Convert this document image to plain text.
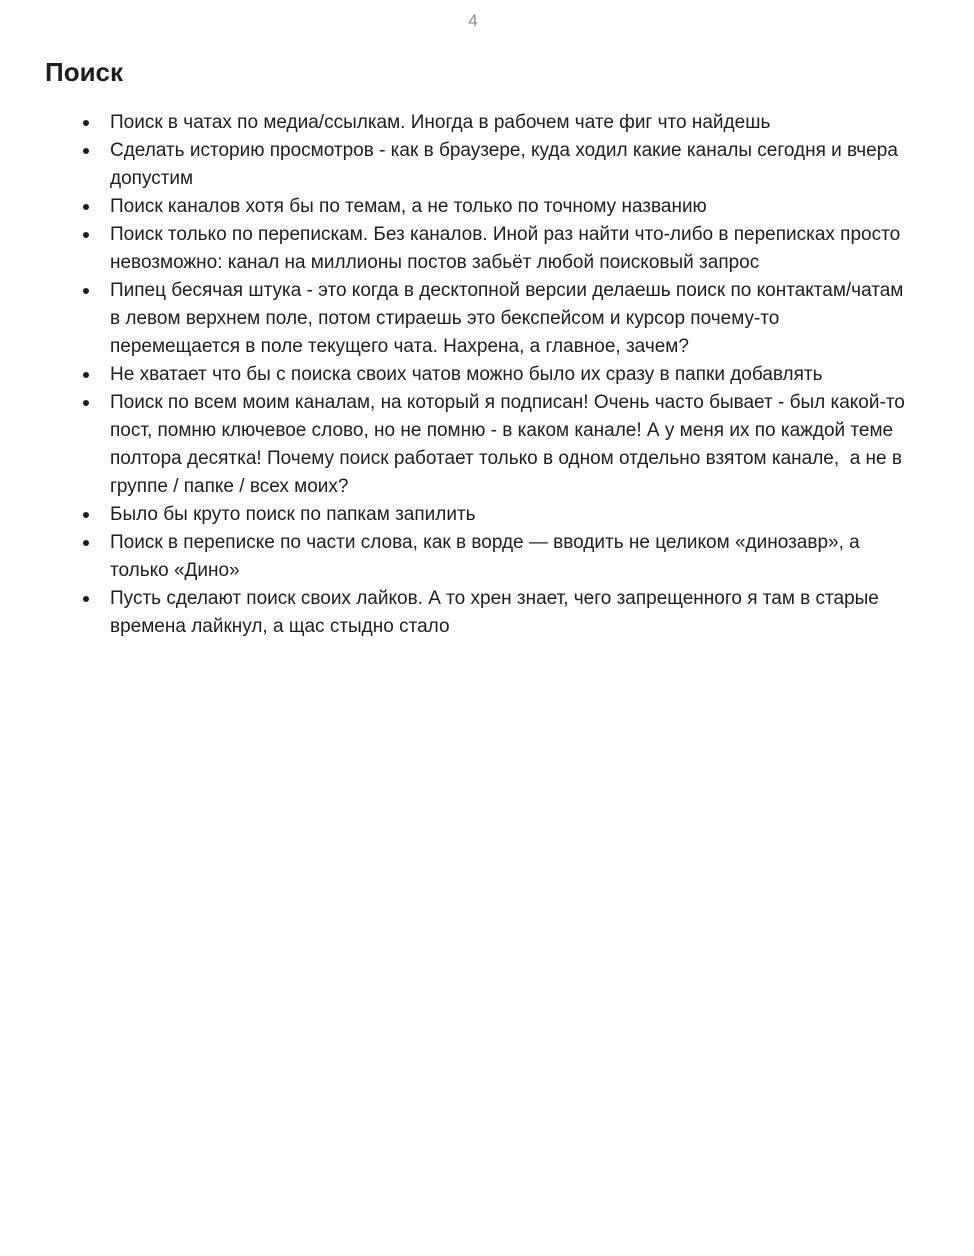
4
Поиск
Поиск в чатах по медиа/ссылкам. Иногда в рабочем чате фиг что найдешь
Сделать историю просмотров - как в браузере, куда ходил какие каналы сегодня и вчера допустим
Поиск каналов хотя бы по темам, а не только по точному названию
Поиск только по перепискам. Без каналов. Иной раз найти что-либо в переписках просто невозможно: канал на миллионы постов забьёт любой поисковый запрос
Пипец бесячая штука - это когда в десктопной версии делаешь поиск по контактам/чатам в левом верхнем поле, потом стираешь это бекспейсом и курсор почему-то перемещается в поле текущего чата. Нахрена, а главное, зачем?
Не хватает что бы с поиска своих чатов можно было их сразу в папки добавлять
Поиск по всем моим каналам, на который я подписан! Очень часто бывает - был какой-то пост, помню ключевое слово, но не помню - в каком канале! А у меня их по каждой теме полтора десятка! Почему поиск работает только в одном отдельно взятом канале,  а не в группе / папке / всех моих?
Было бы круто поиск по папкам запилить
Поиск в переписке по части слова, как в ворде — вводить не целиком «динозавр», а только «Дино»
Пусть сделают поиск своих лайков. А то хрен знает, чего запрещенного я там в старые времена лайкнул, а щас стыдно стало
